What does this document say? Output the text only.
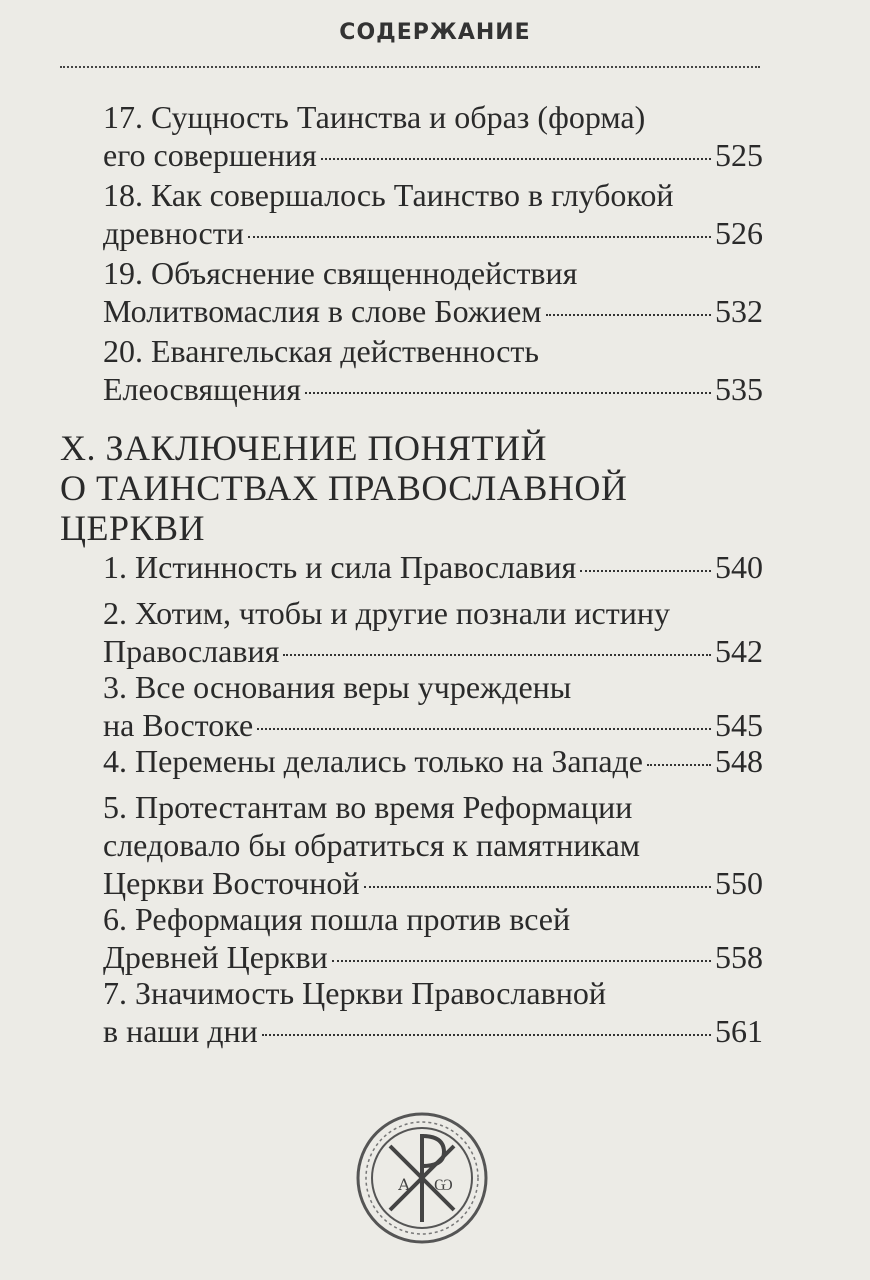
СОДЕРЖАНИЕ
17. Сущность Таинства и образ (форма)
его совершения	525
18. Как совершалось Таинство в глубокой
древности	526
19. Объяснение священнодействия
Молитвомаслия в слове Божием	532
20. Евангельская действенность
Елеосвящения	535
X. ЗАКЛЮЧЕНИЕ ПОНЯТИЙ
О ТАИНСТВАХ ПРАВОСЛАВНОЙ
ЦЕРКВИ
1. Истинность и сила Православия	540
2. Хотим, чтобы и другие познали истину
Православия	542
3. Все основания веры учреждены
на Востоке	545
4. Перемены делались только на Западе 548
5. Протестантам во время Реформации
следовало бы обратиться к памятникам
Церкви Восточной	550
6. Реформация пошла против всей
Древней Церкви	558
7. Значимость Церкви Православной
в наши дни	561
А Ѡ
